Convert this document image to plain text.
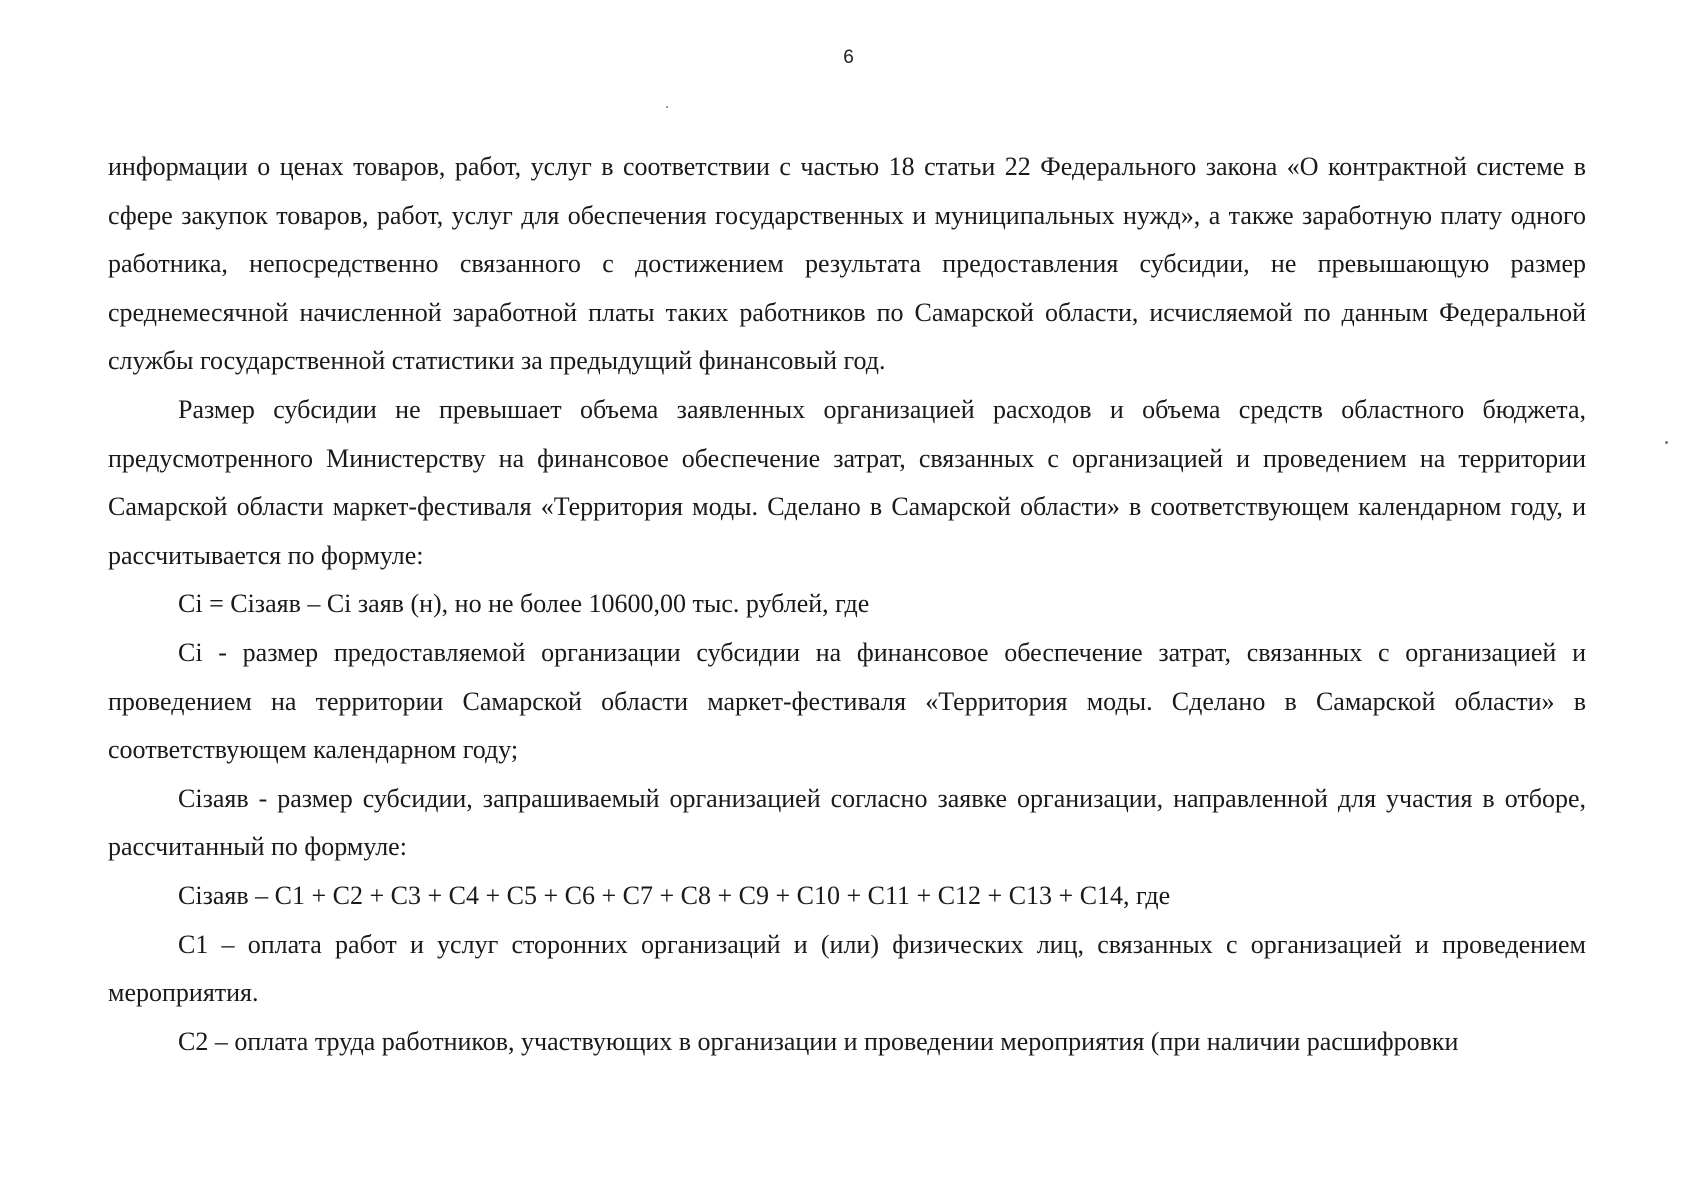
6

информации о ценах товаров, работ, услуг в соответствии с частью 18 статьи 22 Федерального закона «О контрактной системе в сфере закупок товаров, работ, услуг для обеспечения государственных и муниципальных нужд», а также заработную плату одного работника, непосредственно связанного с достижением результата предоставления субсидии, не превышающую размер среднемесячной начисленной заработной платы таких работников по Самарской области, исчисляемой по данным Федеральной службы государственной статистики за предыдущий финансовый год.

Размер субсидии не превышает объема заявленных организацией расходов и объема средств областного бюджета, предусмотренного Министерству на финансовое обеспечение затрат, связанных с организацией и проведением на территории Самарской области маркет-фестиваля «Территория моды. Сделано в Самарской области» в соответствующем календарном году, и рассчитывается по формуле:

Ci = Ciзаяв – Ci заяв (н), но не более 10600,00 тыс. рублей, где

Ci - размер предоставляемой организации субсидии на финансовое обеспечение затрат, связанных с организацией и проведением на территории Самарской области маркет-фестиваля «Территория моды. Сделано в Самарской области» в соответствующем календарном году;

Ciзаяв - размер субсидии, запрашиваемый организацией согласно заявке организации, направленной для участия в отборе, рассчитанный по формуле:

Ciзаяв – С1 + С2 + С3 + С4 + С5 + С6 + С7 + С8 + С9 + С10 + С11 + С12 + С13 + С14, где

С1 – оплата работ и услуг сторонних организаций и (или) физических лиц, связанных с организацией и проведением мероприятия.

С2 – оплата труда работников, участвующих в организации и проведении мероприятия (при наличии расшифровки
